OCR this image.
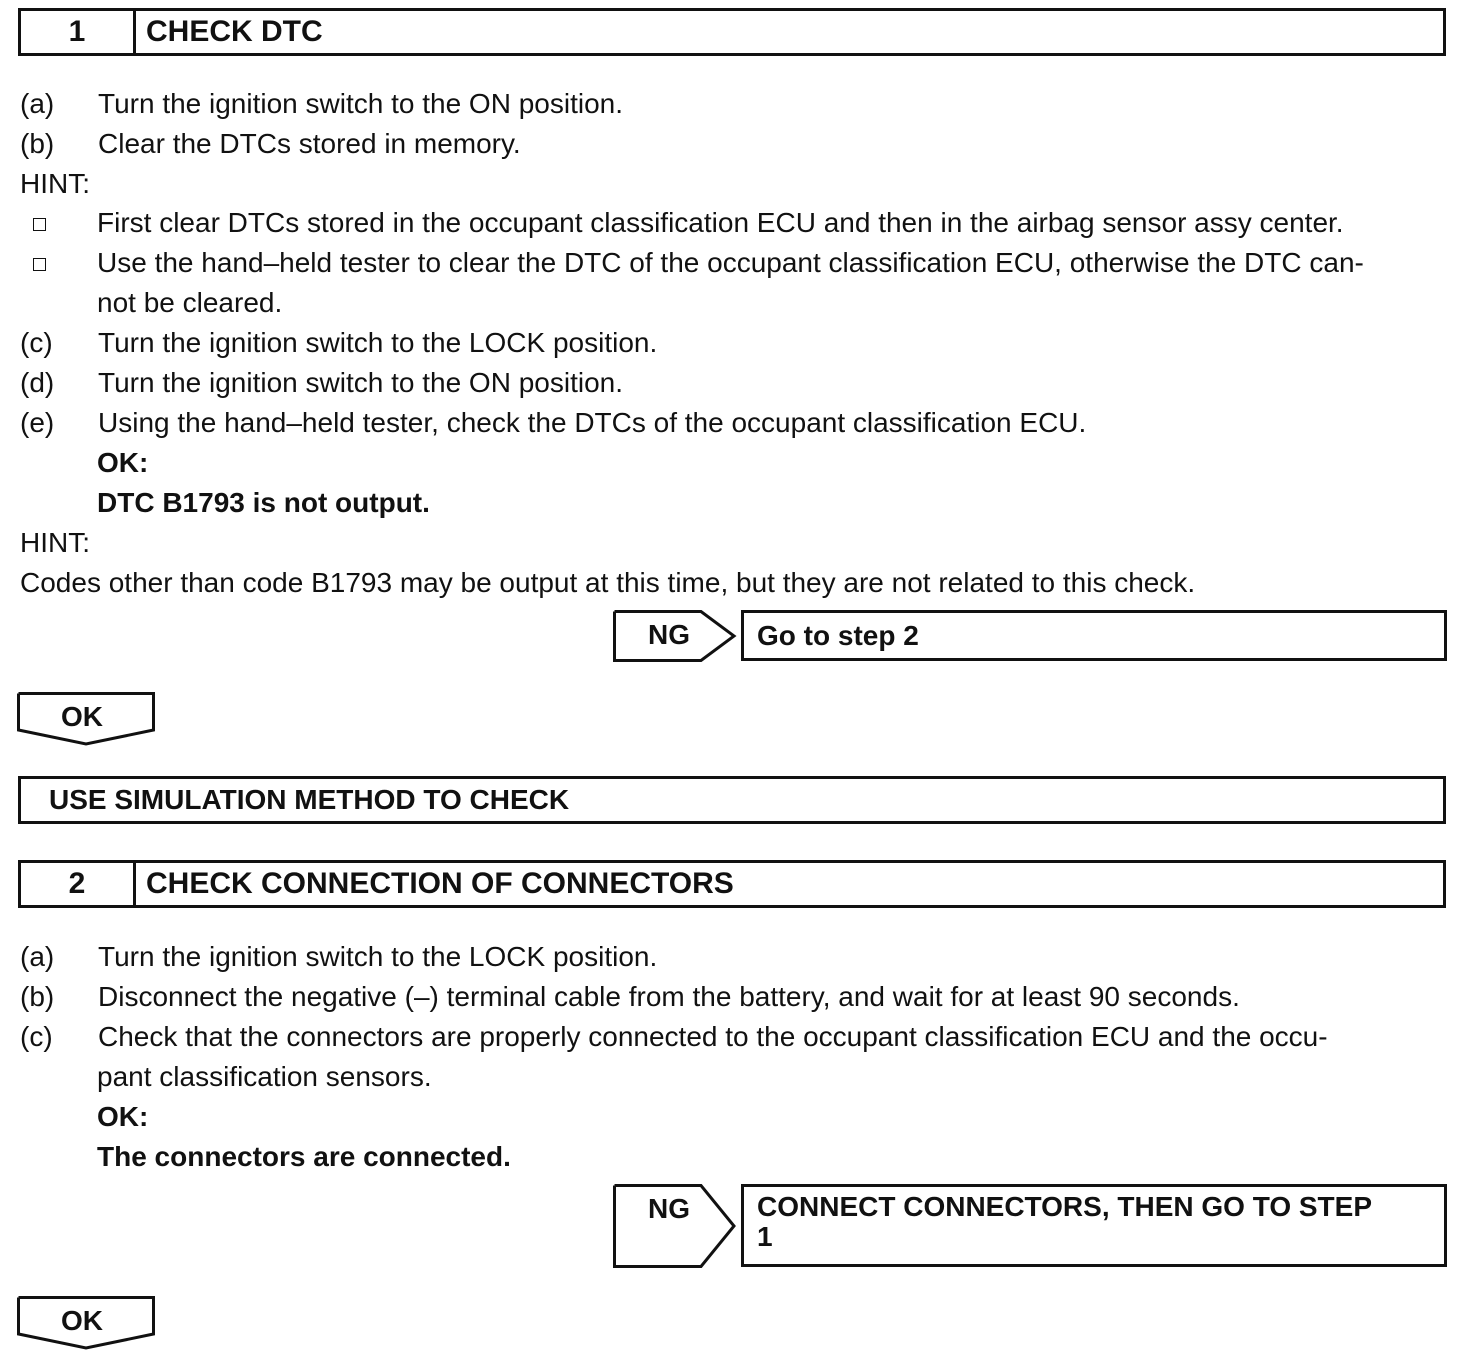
1	CHECK DTC
(a) Turn the ignition switch to the ON position.
(b) Clear the DTCs stored in memory.
HINT:
First clear DTCs stored in the occupant classification ECU and then in the airbag sensor assy center.
Use the hand–held tester to clear the DTC of the occupant classification ECU, otherwise the DTC can-
not be cleared.
(c) Turn the ignition switch to the LOCK position.
(d) Turn the ignition switch to the ON position.
(e) Using the hand–held tester, check the DTCs of the occupant classification ECU.
OK:
DTC B1793 is not output.
HINT:
Codes other than code B1793 may be output at this time, but they are not related to this check.
NG	Go to step 2
OK
USE SIMULATION METHOD TO CHECK
2	CHECK CONNECTION OF CONNECTORS
(a) Turn the ignition switch to the LOCK position.
(b) Disconnect the negative (–) terminal cable from the battery, and wait for at least 90 seconds.
(c) Check that the connectors are properly connected to the occupant classification ECU and the occu-
pant classification sensors.
OK:
The connectors are connected.
NG CONNECT CONNECTORS, THEN GO TO STEP
1
OK
